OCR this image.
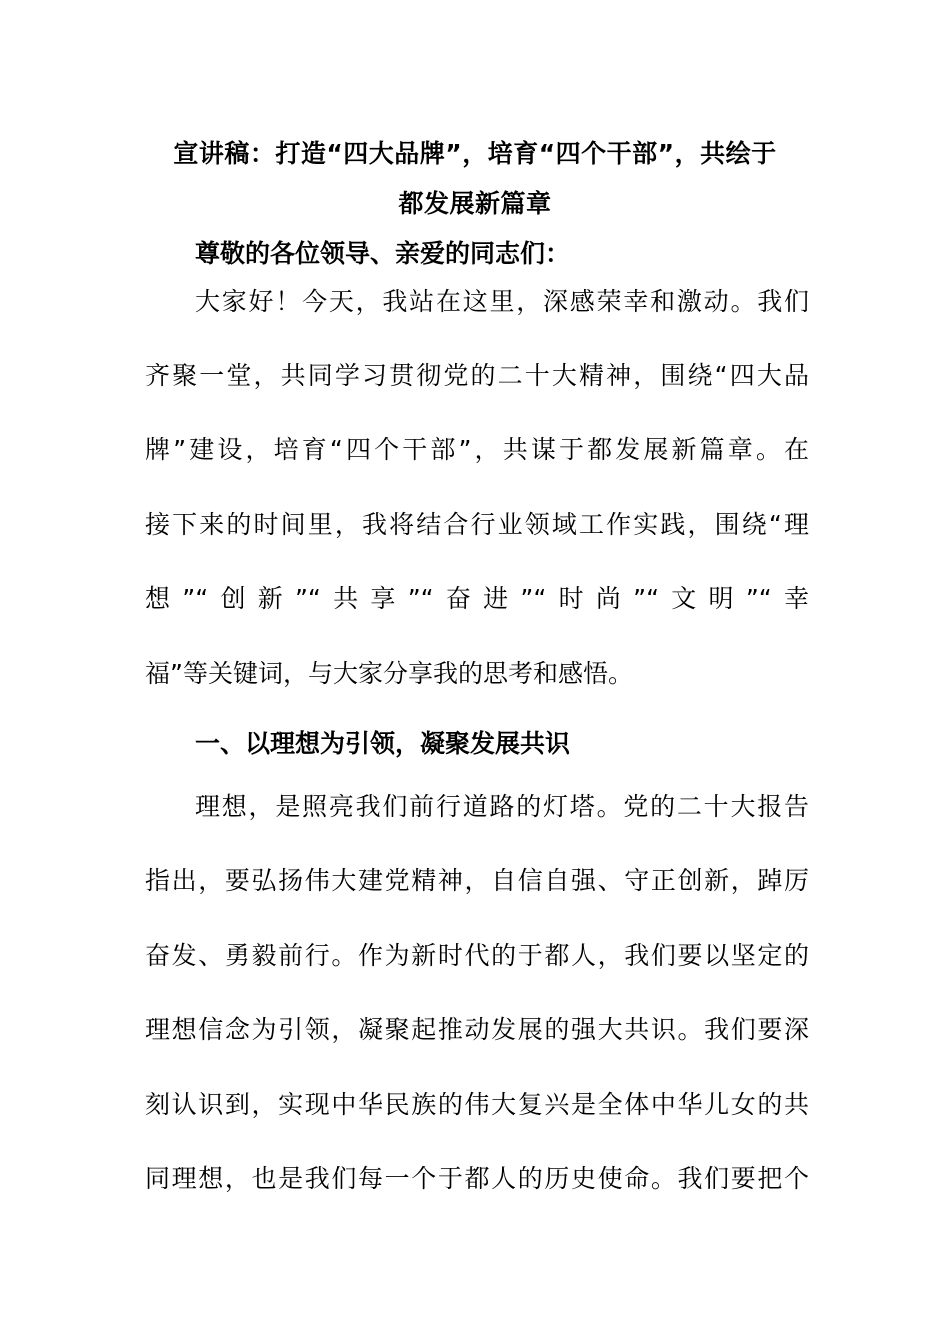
宣讲稿：打造“四大品牌”，培育“四个干部”，共绘于
都发展新篇章
尊敬的各位领导、亲爱的同志们：
大家好！今天，我站在这里，深感荣幸和激动。我们
齐聚一堂，共同学习贯彻党的二十大精神，围绕“四大品
牌”建设，培育“四个干部”，共谋于都发展新篇章。在
接下来的时间里，我将结合行业领域工作实践，围绕“理
想”“创新”“共享”“奋进”“时尚”“文明”“幸
福”等关键词，与大家分享我的思考和感悟。
一、以理想为引领，凝聚发展共识
理想，是照亮我们前行道路的灯塔。党的二十大报告
指出，要弘扬伟大建党精神，自信自强、守正创新，踔厉
奋发、勇毅前行。作为新时代的于都人，我们要以坚定的
理想信念为引领，凝聚起推动发展的强大共识。我们要深
刻认识到，实现中华民族的伟大复兴是全体中华儿女的共
同理想，也是我们每一个于都人的历史使命。我们要把个
